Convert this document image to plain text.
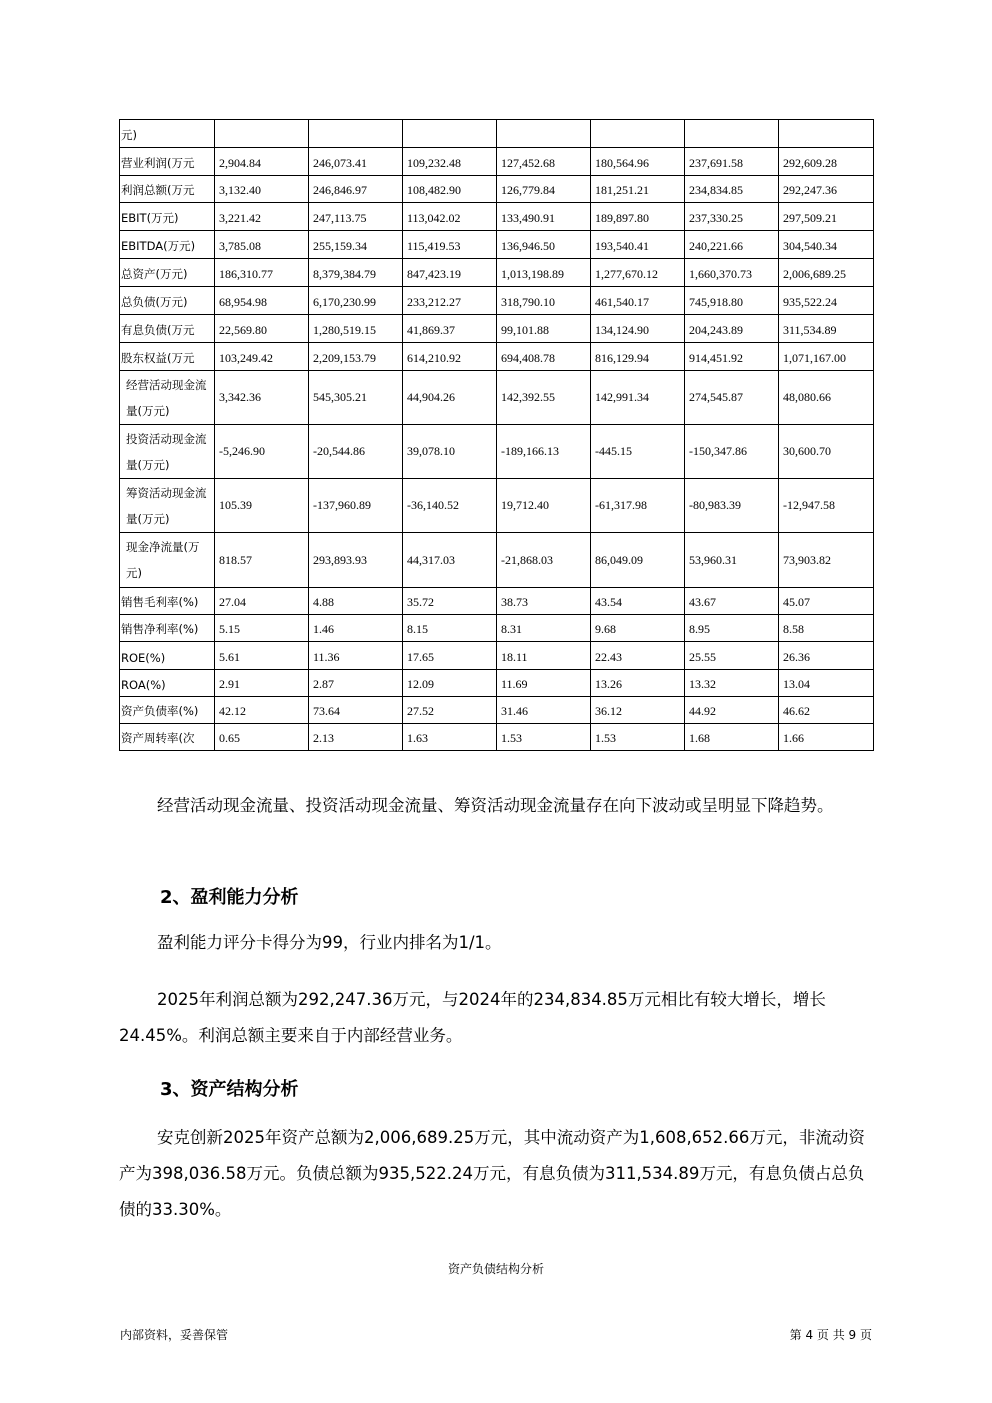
元)							
营业利润(万元	2,904.84	246,073.41	109,232.48	127,452.68	180,564.96	237,691.58	292,609.28
利润总额(万元	3,132.40	246,846.97	108,482.90	126,779.84	181,251.21	234,834.85	292,247.36
EBIT(万元)	3,221.42	247,113.75	113,042.02	133,490.91	189,897.80	237,330.25	297,509.21
EBITDA(万元)	3,785.08	255,159.34	115,419.53	136,946.50	193,540.41	240,221.66	304,540.34
总资产(万元)	186,310.77	8,379,384.79	847,423.19	1,013,198.89	1,277,670.12	1,660,370.73	2,006,689.25
总负债(万元)	68,954.98	6,170,230.99	233,212.27	318,790.10	461,540.17	745,918.80	935,522.24
有息负债(万元	22,569.80	1,280,519.15	41,869.37	99,101.88	134,124.90	204,243.89	311,534.89
股东权益(万元	103,249.42	2,209,153.79	614,210.92	694,408.78	816,129.94	914,451.92	1,071,167.00
经营活动现金流量(万元)	3,342.36	545,305.21	44,904.26	142,392.55	142,991.34	274,545.87	48,080.66
投资活动现金流量(万元)	-5,246.90	-20,544.86	39,078.10	-189,166.13	-445.15	-150,347.86	30,600.70
筹资活动现金流量(万元)	105.39	-137,960.89	-36,140.52	19,712.40	-61,317.98	-80,983.39	-12,947.58
现金净流量(万元)	818.57	293,893.93	44,317.03	-21,868.03	86,049.09	53,960.31	73,903.82
销售毛利率(%)	27.04	4.88	35.72	38.73	43.54	43.67	45.07
销售净利率(%)	5.15	1.46	8.15	8.31	9.68	8.95	8.58
ROE(%)	5.61	11.36	17.65	18.11	22.43	25.55	26.36
ROA(%)	2.91	2.87	12.09	11.69	13.26	13.32	13.04
资产负债率(%)	42.12	73.64	27.52	31.46	36.12	44.92	46.62
资产周转率(次	0.65	2.13	1.63	1.53	1.53	1.68	1.66
经营活动现金流量、投资活动现金流量、筹资活动现金流量存在向下波动或呈明显下降趋势。
2、盈利能力分析
盈利能力评分卡得分为99，行业内排名为1/1。
2025年利润总额为292,247.36万元，与2024年的234,834.85万元相比有较大增长，增长24.45%。利润总额主要来自于内部经营业务。
3、资产结构分析
安克创新2025年资产总额为2,006,689.25万元，其中流动资产为1,608,652.66万元，非流动资产为398,036.58万元。负债总额为935,522.24万元，有息负债为311,534.89万元，有息负债占总负债的33.30%。
资产负债结构分析
内部资料，妥善保管	第 4 页 共 9 页
